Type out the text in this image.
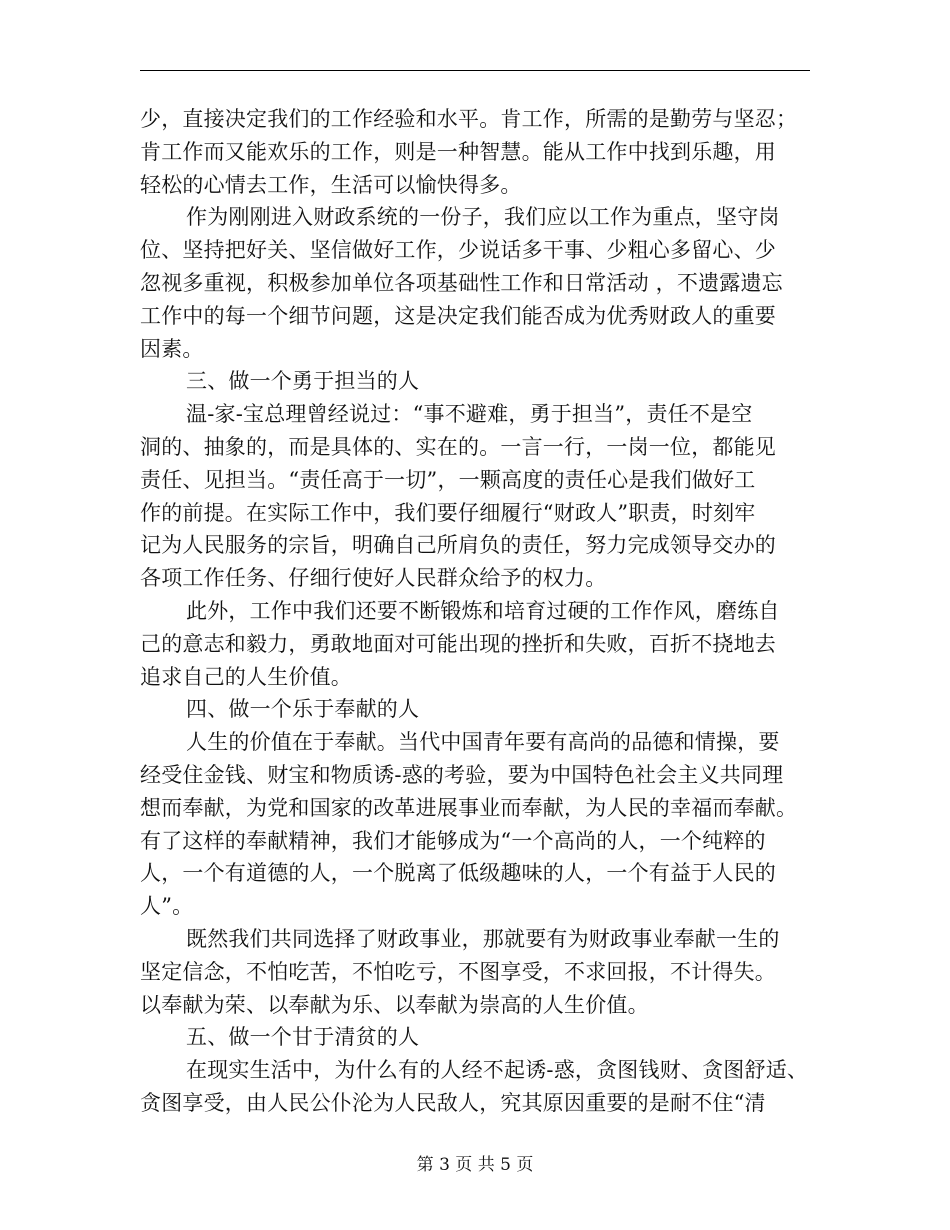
少，直接决定我们的工作经验和水平。肯工作，所需的是勤劳与坚忍；
肯工作而又能欢乐的工作，则是一种智慧。能从工作中找到乐趣，用
轻松的心情去工作，生活可以愉快得多。
作为刚刚进入财政系统的一份子，我们应以工作为重点，坚守岗
位、坚持把好关、坚信做好工作，少说话多干事、少粗心多留心、少
忽视多重视，积极参加单位各项基础性工作和日常活动 ，不遗露遗忘
工作中的每一个细节问题，这是决定我们能否成为优秀财政人的重要
因素。
三、做一个勇于担当的人
温-家-宝总理曾经说过：“事不避难，勇于担当”，责任不是空
洞的、抽象的，而是具体的、实在的。一言一行，一岗一位，都能见
责任、见担当。“责任高于一切”，一颗高度的责任心是我们做好工
作的前提。在实际工作中，我们要仔细履行“财政人”职责，时刻牢
记为人民服务的宗旨，明确自己所肩负的责任，努力完成领导交办的
各项工作任务、仔细行使好人民群众给予的权力。
此外，工作中我们还要不断锻炼和培育过硬的工作作风，磨练自
己的意志和毅力，勇敢地面对可能出现的挫折和失败，百折不挠地去
追求自己的人生价值。
四、做一个乐于奉献的人
人生的价值在于奉献。当代中国青年要有高尚的品德和情操，要
经受住金钱、财宝和物质诱-惑的考验，要为中国特色社会主义共同理
想而奉献，为党和国家的改革进展事业而奉献，为人民的幸福而奉献。
有了这样的奉献精神，我们才能够成为“一个高尚的人，一个纯粹的
人，一个有道德的人，一个脱离了低级趣味的人，一个有益于人民的
人”。
既然我们共同选择了财政事业，那就要有为财政事业奉献一生的
坚定信念，不怕吃苦，不怕吃亏，不图享受，不求回报，不计得失。
以奉献为荣、以奉献为乐、以奉献为崇高的人生价值。
五、做一个甘于清贫的人
在现实生活中，为什么有的人经不起诱-惑，贪图钱财、贪图舒适、
贪图享受，由人民公仆沦为人民敌人，究其原因重要的是耐不住“清
第 3 页 共 5 页
